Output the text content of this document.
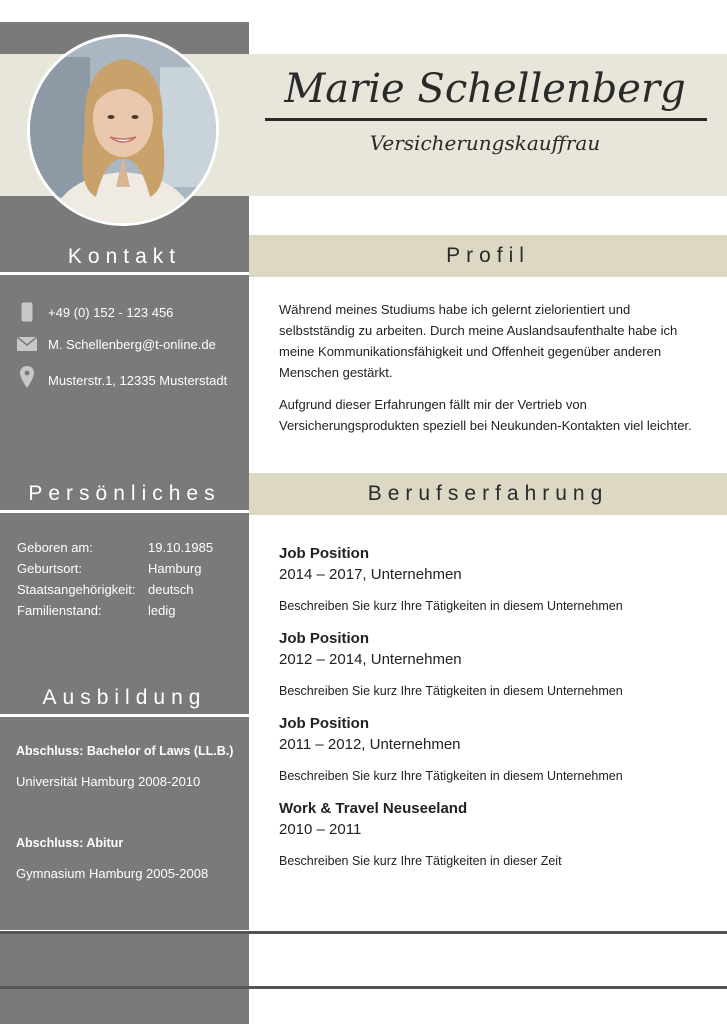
Marie Schellenberg
Versicherungskauffrau
Kontakt	Profil
+49 (0) 152 - 123 456
M. Schellenberg@t-online.de
Musterstr.1, 12335 Musterstadt
Während meines Studiums habe ich gelernt zielorientiert und selbstständig zu arbeiten. Durch meine Auslandsaufenthalte habe ich meine Kommunikationsfähigkeit und Offenheit gegenüber anderen Menschen gestärkt.
Aufgrund dieser Erfahrungen fällt mir der Vertrieb von Versicherungsprodukten speziell bei Neukunden-Kontakten viel leichter.
Persönliches	Berufserfahrung
Geboren am:	19.10.1985
Geburtsort:	Hamburg
Staatsangehörigkeit: deutsch
Familienstand:	ledig
Ausbildung
Abschluss: Bachelor of Laws (LL.B.)
Universität Hamburg 2008-2010
Abschluss: Abitur
Gymnasium Hamburg 2005-2008
Job Position
2014 – 2017, Unternehmen
Beschreiben Sie kurz Ihre Tätigkeiten in diesem Unternehmen
Job Position
2012 – 2014, Unternehmen
Beschreiben Sie kurz Ihre Tätigkeiten in diesem Unternehmen
Job Position
2011 – 2012, Unternehmen
Beschreiben Sie kurz Ihre Tätigkeiten in diesem Unternehmen
Work & Travel Neuseeland
2010 – 2011
Beschreiben Sie kurz Ihre Tätigkeiten in dieser Zeit
